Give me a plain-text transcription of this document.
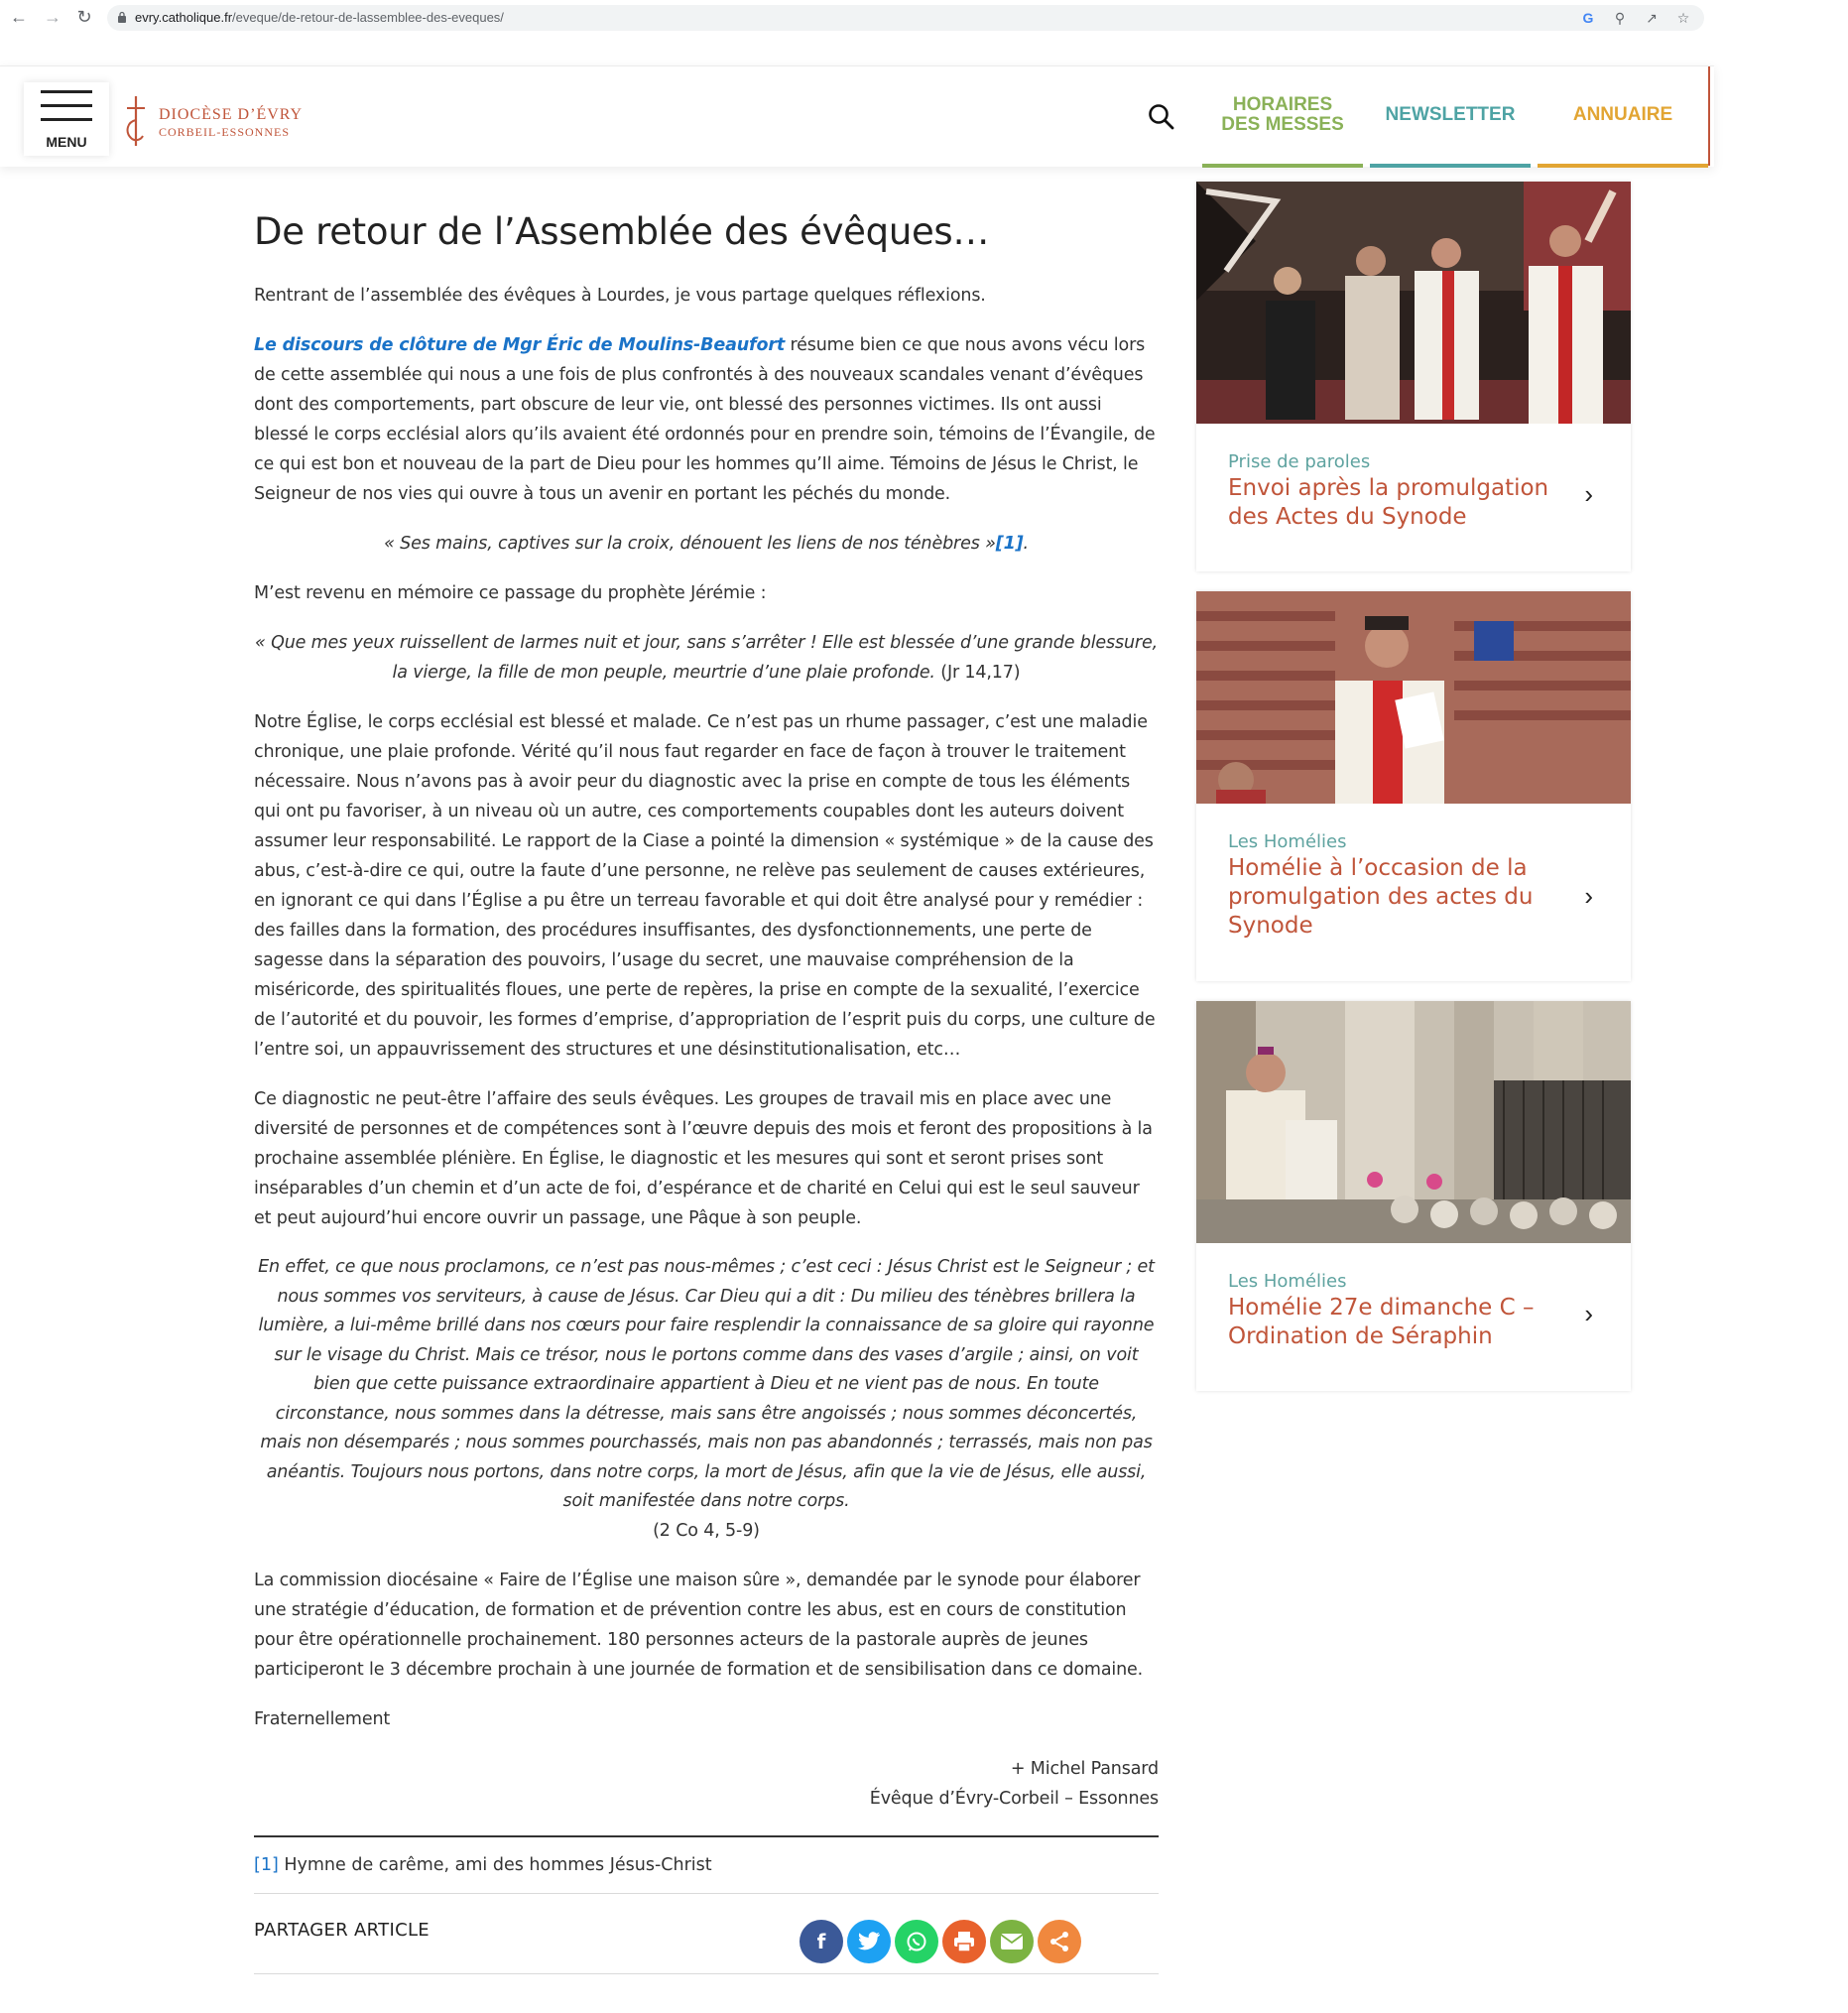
← → ↻	evry.catholique.fr/eveque/de-retour-de-lassemblee-des-eveques/	G ⚲ ↗ ☆
MENU
DIOCÈSE D’ÉVRY
CORBEIL-ESSONNES
HORAIRES
DES MESSES NEWSLETTER	ANNUAIRE
De retour de l’Assemblée des évêques…

Rentrant de l’assemblée des évêques à Lourdes, je vous partage quelques réflexions.

Le discours de clôture de Mgr Éric de Moulins-Beaufort résume bien ce que nous avons vécu lors de cette assemblée qui nous a une fois de plus confrontés à des nouveaux scandales venant d’évêques dont des comportements, part obscure de leur vie, ont blessé des personnes victimes. Ils ont aussi blessé le corps ecclésial alors qu’ils avaient été ordonnés pour en prendre soin, témoins de l’Évangile, de ce qui est bon et nouveau de la part de Dieu pour les hommes qu’Il aime. Témoins de Jésus le Christ, le Seigneur de nos vies qui ouvre à tous un avenir en portant les péchés du monde.

« Ses mains, captives sur la croix, dénouent les liens de nos ténèbres »[1].

M’est revenu en mémoire ce passage du prophète Jérémie :

« Que mes yeux ruissellent de larmes nuit et jour, sans s’arrêter ! Elle est blessée d’une grande blessure, la vierge, la fille de mon peuple, meurtrie d’une plaie profonde. (Jr 14,17)

Notre Église, le corps ecclésial est blessé et malade. Ce n’est pas un rhume passager, c’est une maladie chronique, une plaie profonde. Vérité qu’il nous faut regarder en face de façon à trouver le traitement nécessaire. Nous n’avons pas à avoir peur du diagnostic avec la prise en compte de tous les éléments qui ont pu favoriser, à un niveau où un autre, ces comportements coupables dont les auteurs doivent assumer leur responsabilité. Le rapport de la Ciase a pointé la dimension « systémique » de la cause des abus, c’est-à-dire ce qui, outre la faute d’une personne, ne relève pas seulement de causes extérieures, en ignorant ce qui dans l’Église a pu être un terreau favorable et qui doit être analysé pour y remédier : des failles dans la formation, des procédures insuffisantes, des dysfonctionnements, une perte de sagesse dans la séparation des pouvoirs, l’usage du secret, une mauvaise compréhension de la miséricorde, des spiritualités floues, une perte de repères, la prise en compte de la sexualité, l’exercice de l’autorité et du pouvoir, les formes d’emprise, d’appropriation de l’esprit puis du corps, une culture de l’entre soi, un appauvrissement des structures et une désinstitutionalisation, etc…

Ce diagnostic ne peut-être l’affaire des seuls évêques. Les groupes de travail mis en place avec une diversité de personnes et de compétences sont à l’œuvre depuis des mois et feront des propositions à la prochaine assemblée plénière. En Église, le diagnostic et les mesures qui sont et seront prises sont inséparables d’un chemin et d’un acte de foi, d’espérance et de charité en Celui qui est le seul sauveur et peut aujourd’hui encore ouvrir un passage, une Pâque à son peuple.

En effet, ce que nous proclamons, ce n’est pas nous-mêmes ; c’est ceci : Jésus Christ est le Seigneur ; et nous sommes vos serviteurs, à cause de Jésus. Car Dieu qui a dit : Du milieu des ténèbres brillera la lumière, a lui-même brillé dans nos cœurs pour faire resplendir la connaissance de sa gloire qui rayonne sur le visage du Christ. Mais ce trésor, nous le portons comme dans des vases d’argile ; ainsi, on voit bien que cette puissance extraordinaire appartient à Dieu et ne vient pas de nous. En toute circonstance, nous sommes dans la détresse, mais sans être angoissés ; nous sommes déconcertés, mais non désemparés ; nous sommes pourchassés, mais non pas abandonnés ; terrassés, mais non pas anéantis. Toujours nous portons, dans notre corps, la mort de Jésus, afin que la vie de Jésus, elle aussi, soit manifestée dans notre corps.
(2 Co 4, 5-9)

La commission diocésaine « Faire de l’Église une maison sûre », demandée par le synode pour élaborer une stratégie d’éducation, de formation et de prévention contre les abus, est en cours de constitution pour être opérationnelle prochainement. 180 personnes acteurs de la pastorale auprès de jeunes participeront le 3 décembre prochain à une journée de formation et de sensibilisation dans ce domaine.

Fraternellement

+ Michel Pansard
Évêque d’Évry-Corbeil – Essonnes

[1] Hymne de carême, ami des hommes Jésus-Christ
PARTAGER ARTICLE	f
Prise de paroles
Envoi après la promulgation des Actes du Synode
›
Les Homélies
Homélie à l’occasion de la promulgation des actes du Synode
›
Les Homélies
Homélie 27e dimanche C – Ordination de Séraphin
›
